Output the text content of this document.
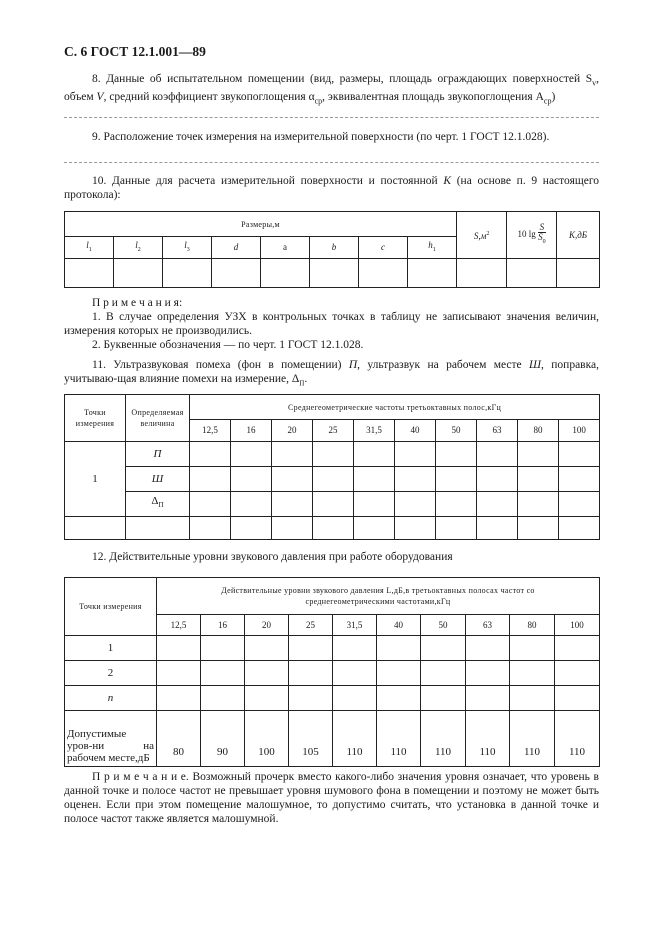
С. 6 ГОСТ 12.1.001—89
8. Данные об испытательном помещении (вид, размеры, площадь ограждающих поверхностей $S_v$, объем V, средний коэффициент звукопоглощения $\alpha_{ср}$, эквивалентная площадь звукопоглощения $A_{ср}$)
9. Расположение точек измерения на измерительной поверхности (по черт. 1 ГОСТ 12.1.028).
10. Данные для расчета измерительной поверхности и постоянной K (на основе п. 9 настоящего протокола):
Размеры,м								$S,м^2$	10 $\lg \frac{S}{S_0}$	K,дБ
$l_1$	$l_2$	$l_3$	d	a	b	c	$h_1$

П р и м е ч а н и я:
1. В случае определения УЗХ в контрольных точках в таблицу не записывают значения величин, измерения которых не производились.
2. Буквенные обозначения — по черт. 1 ГОСТ 12.1.028.
11. Ультразвуковая помеха (фон в помещении) П, ультразвук на рабочем месте Ш, поправка, учитываю-щая влияние помехи на измерение, $\Delta_П$.
Точки измерения	Определяемая величина	Среднегеометрические частоты третьоктавных полос,кГц									
		12,5	16	20	25	31,5	40	50	63	80	100
1	П										
	Ш										
	$\Delta_П$										

12. Действительные уровни звукового давления при работе оборудования
Точки измерения	Действительные уровни звукового давления L,дБ,в третьоктавных полосах частот со среднегеометрическими частотами,кГц									
	12,5	16	20	25	31,5	40	50	63	80	100
1										
2										
n										
Допустимые уров-ни на рабочем месте,дБ	80	90	100	105	110	110	110	110	110	110
П р и м е ч а н и е. Возможный прочерк вместо какого-либо значения уровня означает, что уровень в данной точке и полосе частот не превышает уровня шумового фона в помещении и поэтому не может быть оценен. Если при этом помещение малошумное, то допустимо считать, что установка в данной точке и полосе частот также является малошумной.
